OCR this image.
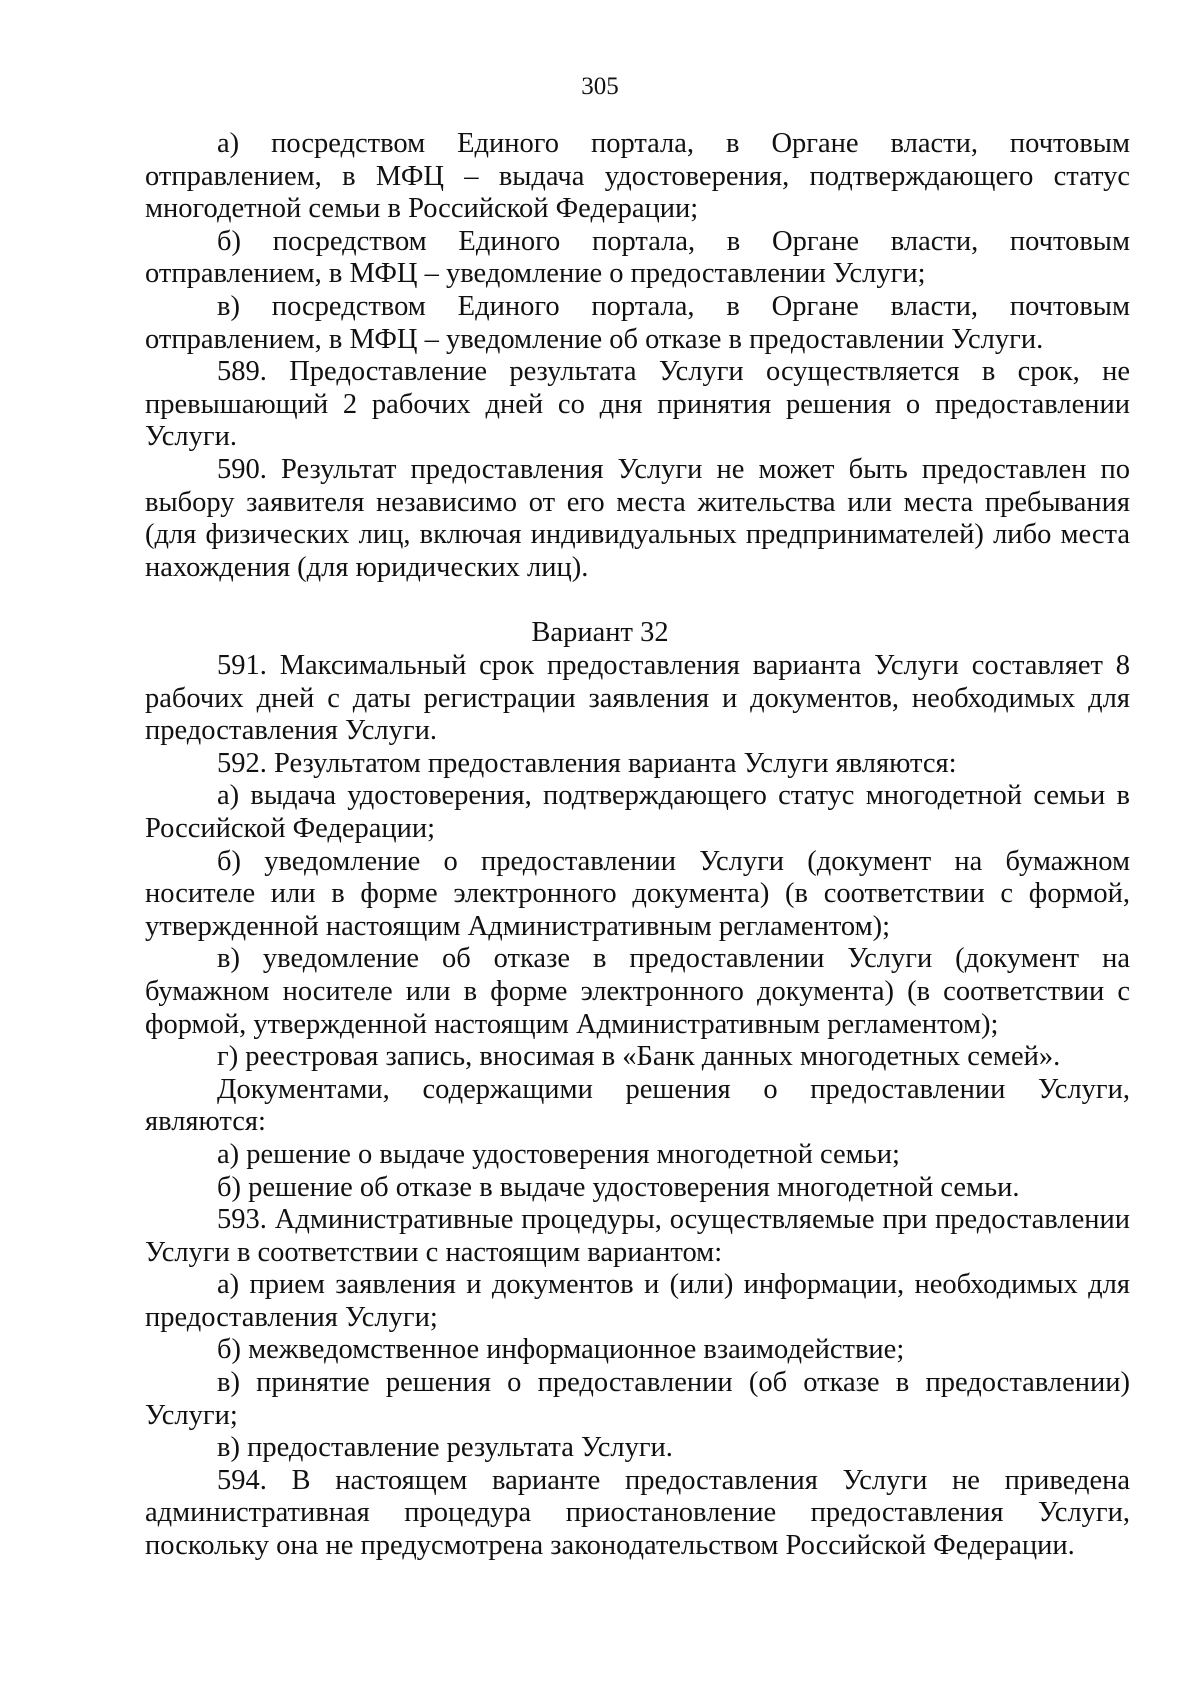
305

а) посредством Единого портала, в Органе власти, почтовым отправлением, в МФЦ – выдача удостоверения, подтверждающего статус многодетной семьи в Российской Федерации;

б) посредством Единого портала, в Органе власти, почтовым отправлением, в МФЦ – уведомление о предоставлении Услуги;

в) посредством Единого портала, в Органе власти, почтовым отправлением, в МФЦ – уведомление об отказе в предоставлении Услуги.

589. Предоставление результата Услуги осуществляется в срок, не превышающий 2 рабочих дней со дня принятия решения о предоставлении Услуги.

590. Результат предоставления Услуги не может быть предоставлен по выбору заявителя независимо от его места жительства или места пребывания (для физических лиц, включая индивидуальных предпринимателей) либо места нахождения (для юридических лиц).

Вариант 32

591. Максимальный срок предоставления варианта Услуги составляет 8 рабочих дней с даты регистрации заявления и документов, необходимых для предоставления Услуги.

592. Результатом предоставления варианта Услуги являются:

а) выдача удостоверения, подтверждающего статус многодетной семьи в Российской Федерации;

б) уведомление о предоставлении Услуги (документ на бумажном носителе или в форме электронного документа) (в соответствии с формой, утвержденной настоящим Административным регламентом);

в) уведомление об отказе в предоставлении Услуги (документ на бумажном носителе или в форме электронного документа) (в соответствии с формой, утвержденной настоящим Административным регламентом);

г) реестровая запись, вносимая в «Банк данных многодетных семей».

Документами, содержащими решения о предоставлении Услуги, являются:

а) решение о выдаче удостоверения многодетной семьи;

б) решение об отказе в выдаче удостоверения многодетной семьи.

593. Административные процедуры, осуществляемые при предоставлении Услуги в соответствии с настоящим вариантом:

а) прием заявления и документов и (или) информации, необходимых для предоставления Услуги;

б) межведомственное информационное взаимодействие;

в) принятие решения о предоставлении (об отказе в предоставлении) Услуги;

в) предоставление результата Услуги.

594. В настоящем варианте предоставления Услуги не приведена административная процедура приостановление предоставления Услуги, поскольку она не предусмотрена законодательством Российской Федерации.
